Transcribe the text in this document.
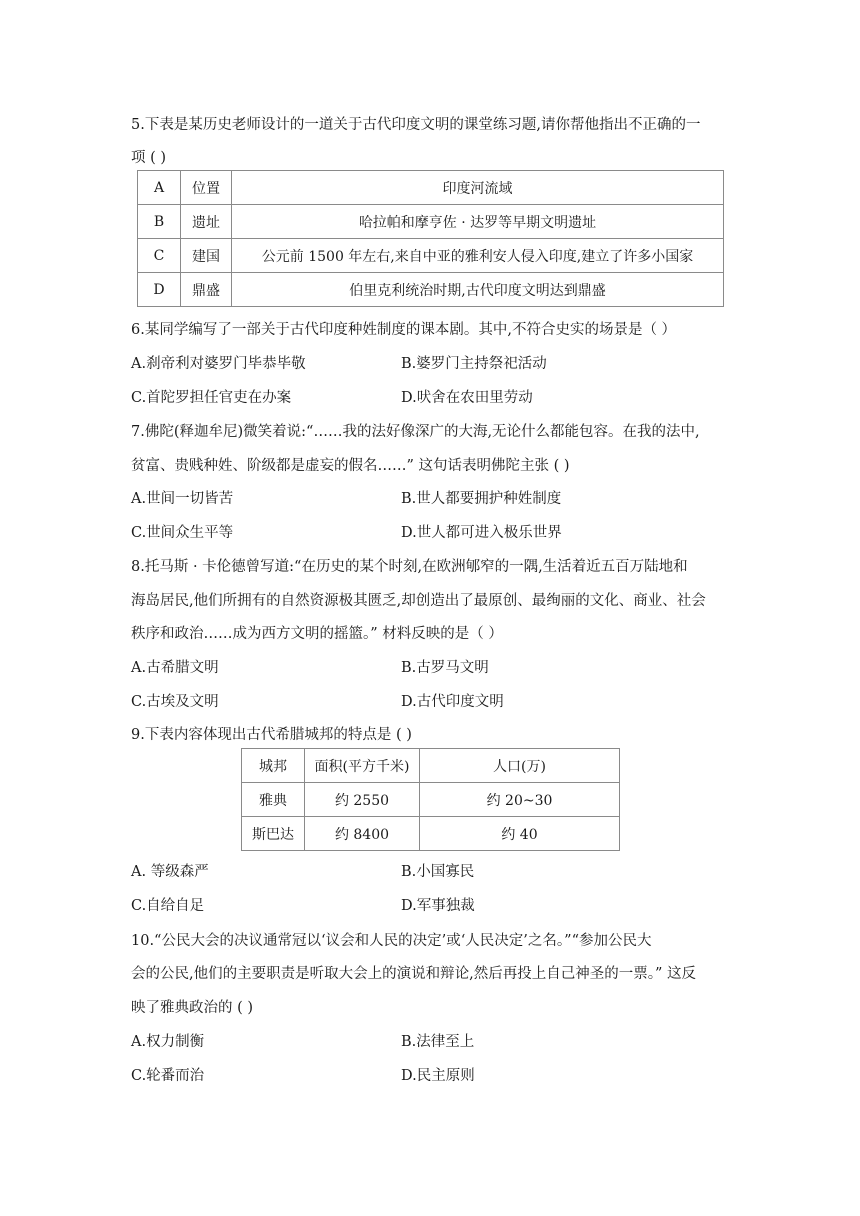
5.下表是某历史老师设计的一道关于古代印度文明的课堂练习题,请你帮他指出不正确的一
项 ( )
A	位置	印度河流域
B	遗址	哈拉帕和摩亨佐 · 达罗等早期文明遗址
C	建国	公元前 1500 年左右,来自中亚的雅利安人侵入印度,建立了许多小国家
D	鼎盛	伯里克利统治时期,古代印度文明达到鼎盛
6.某同学编写了一部关于古代印度种姓制度的课本剧。其中,不符合史实的场景是（ ）
A.刹帝利对婆罗门毕恭毕敬	B.婆罗门主持祭祀活动
C.首陀罗担任官吏在办案	D.吠舍在农田里劳动
7.佛陀(释迦牟尼)微笑着说:“……我的法好像深广的大海,无论什么都能包容。在我的法中,
贫富、贵贱种姓、阶级都是虚妄的假名……” 这句话表明佛陀主张 ( )
A.世间一切皆苦	B.世人都要拥护种姓制度
C.世间众生平等	D.世人都可进入极乐世界
8.托马斯 · 卡伦德曾写道:“在历史的某个时刻,在欧洲郇窄的一隅,生活着近五百万陆地和
海岛居民,他们所拥有的自然资源极其匮乏,却创造出了最原创、最绚丽的文化、商业、社会
秩序和政治……成为西方文明的摇篮。” 材料反映的是（ ）
A.古希腊文明	B.古罗马文明
C.古埃及文明	D.古代印度文明
9.下表内容体现出古代希腊城邦的特点是 ( )
城邦	面积(平方千米)	人口(万)
雅典	约 2550	约 20~30
斯巴达	约 8400	约 40
A. 等级森严	B.小国寡民
C.自给自足	D.军事独裁
10.“公民大会的决议通常冠以‘议会和人民的决定’或‘人民决定’之名。”“参加公民大
会的公民,他们的主要职责是听取大会上的演说和辩论,然后再投上自己神圣的一票。” 这反
映了雅典政治的 ( )
A.权力制衡	B.法律至上
C.轮番而治	D.民主原则
